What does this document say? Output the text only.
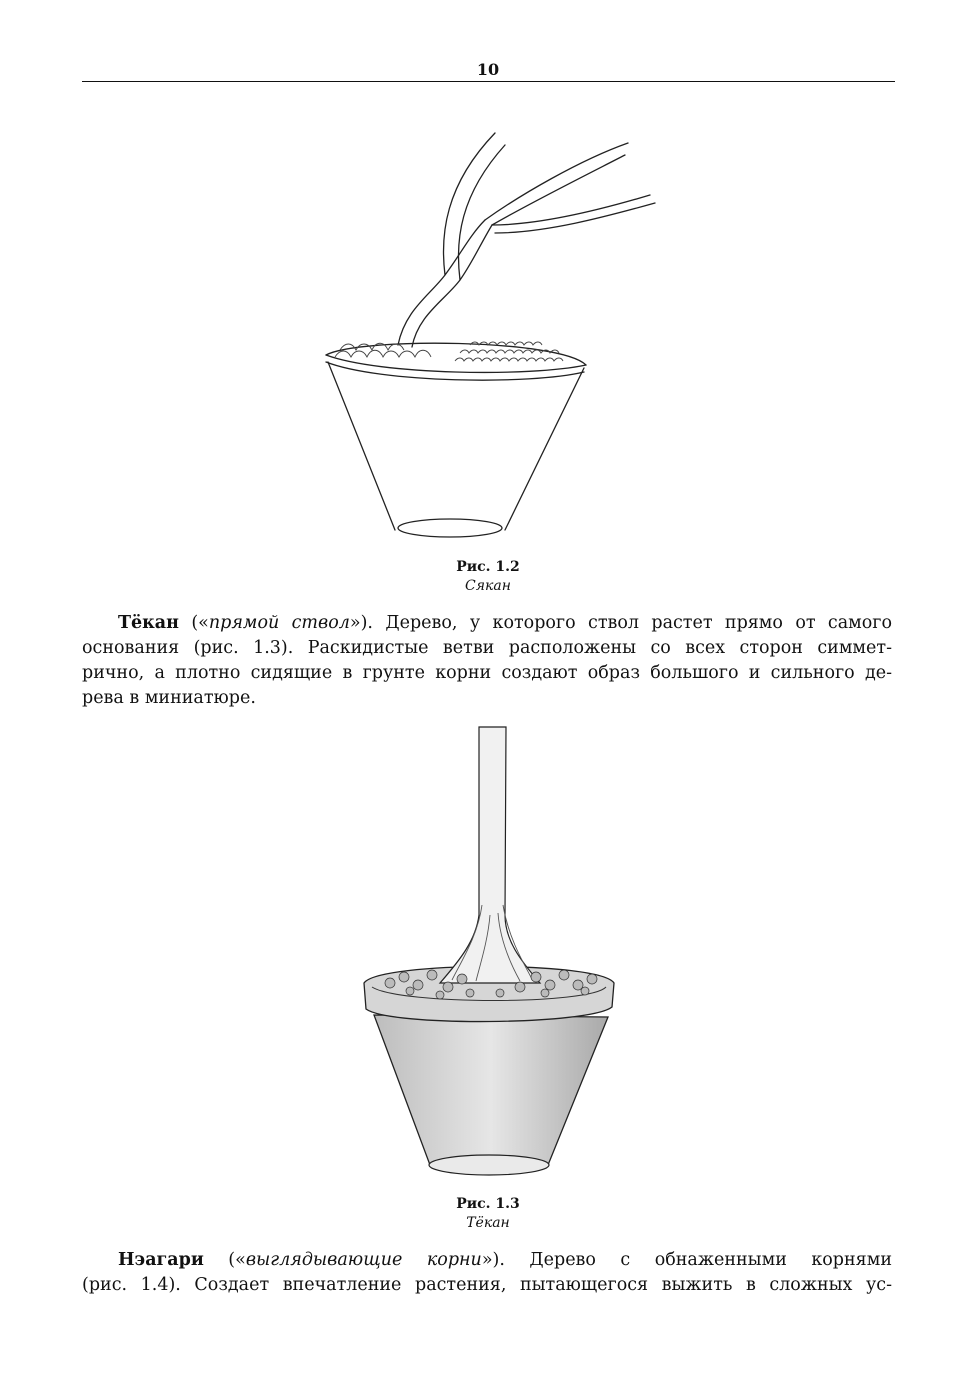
10
Рис. 1.2
Сякан
Тёкан («прямой ствол»). Дерево, у которого ствол растет прямо от самого
основания (рис. 1.3). Раскидистые ветви расположены со всех сторон симмет-
рично, а плотно сидящие в грунте корни создают образ большого и сильного де-
рева в миниатюре.
Рис. 1.3
Тёкан
Нэагари («выглядывающие корни»). Дерево с обнаженными корнями
(рис. 1.4). Создает впечатление растения, пытающегося выжить в сложных ус-
